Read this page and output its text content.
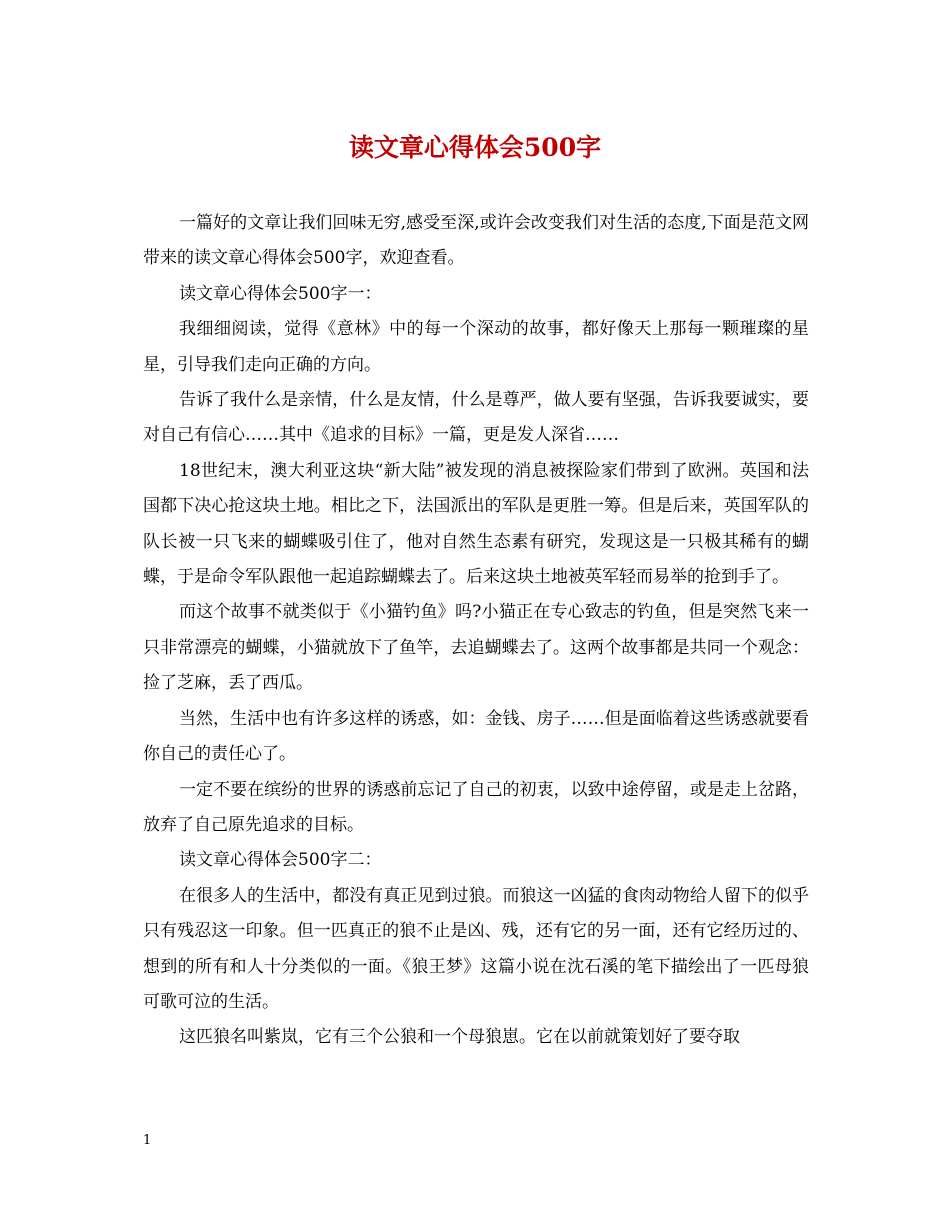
读文章心得体会500字

一篇好的文章让我们回味无穷,感受至深,或许会改变我们对生活的态度,下面是范文网带来的读文章心得体会500字，欢迎查看。

读文章心得体会500字一：

我细细阅读，觉得《意林》中的每一个深动的故事，都好像天上那每一颗璀璨的星星，引导我们走向正确的方向。

告诉了我什么是亲情，什么是友情，什么是尊严，做人要有坚强，告诉我要诚实，要对自己有信心……其中《追求的目标》一篇，更是发人深省……

18世纪末，澳大利亚这块“新大陆”被发现的消息被探险家们带到了欧洲。英国和法国都下决心抢这块土地。相比之下，法国派出的军队是更胜一筹。但是后来，英国军队的队长被一只飞来的蝴蝶吸引住了，他对自然生态素有研究，发现这是一只极其稀有的蝴蝶，于是命令军队跟他一起追踪蝴蝶去了。后来这块土地被英军轻而易举的抢到手了。

而这个故事不就类似于《小猫钓鱼》吗?小猫正在专心致志的钓鱼，但是突然飞来一只非常漂亮的蝴蝶，小猫就放下了鱼竿，去追蝴蝶去了。这两个故事都是共同一个观念：捡了芝麻，丢了西瓜。

当然，生活中也有许多这样的诱惑，如：金钱、房子……但是面临着这些诱惑就要看你自己的责任心了。

一定不要在缤纷的世界的诱惑前忘记了自己的初衷，以致中途停留，或是走上岔路，放弃了自己原先追求的目标。

读文章心得体会500字二：

在很多人的生活中，都没有真正见到过狼。而狼这一凶猛的食肉动物给人留下的似乎只有残忍这一印象。但一匹真正的狼不止是凶、残，还有它的另一面，还有它经历过的、想到的所有和人十分类似的一面。《狼王梦》这篇小说在沈石溪的笔下描绘出了一匹母狼可歌可泣的生活。

这匹狼名叫紫岚，它有三个公狼和一个母狼崽。它在以前就策划好了要夺取

1
